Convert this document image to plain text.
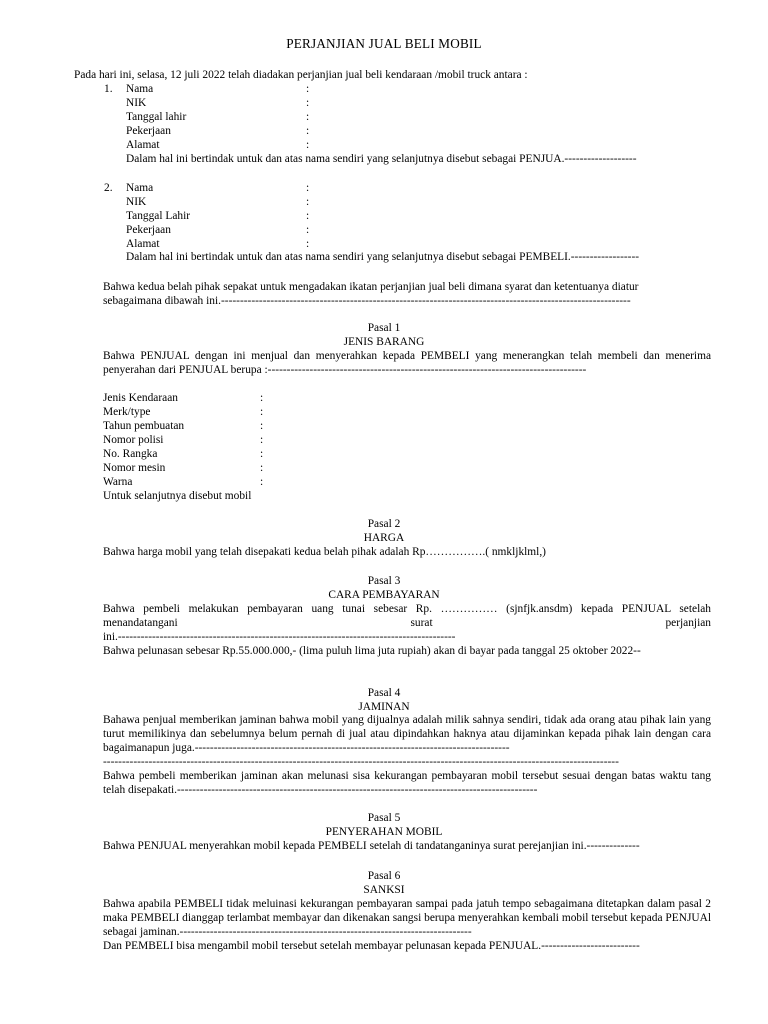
PERJANJIAN JUAL BELI MOBIL
Pada hari ini, selasa, 12 juli 2022 telah diadakan perjanjian jual beli kendaraan /mobil truck antara :
1. Nama	:
NIK	:
Tanggal lahir	:
Pekerjaan	:
Alamat	:
Dalam hal ini bertindak untuk dan atas nama sendiri yang selanjutnya disebut sebagai PENJUA.-------------------
2. Nama	:
NIK	:
Tanggal Lahir	:
Pekerjaan	:
Alamat	:
Dalam hal ini bertindak untuk dan atas nama sendiri yang selanjutnya disebut sebagai PEMBELI.------------------
Bahwa kedua belah pihak sepakat untuk mengadakan ikatan perjanjian jual beli dimana syarat dan ketentuanya diatur
sebagaimana dibawah ini.------------------------------------------------------------------------------------------------------------
Pasal 1
JENIS BARANG
Bahwa PENJUAL dengan ini menjual dan menyerahkan kepada PEMBELI yang menerangkan telah membeli dan menerima penyerahan dari PENJUAL berupa :------------------------------------------------------------------------------------
Jenis Kendaraan	:
Merk/type	:
Tahun pembuatan	:
Nomor polisi	:
No. Rangka	:
Nomor mesin	:
Warna	:
Untuk selanjutnya disebut mobil
Pasal 2
HARGA
Bahwa harga mobil yang telah disepakati kedua belah pihak adalah Rp…………….( nmkljklml,)
Pasal 3
CARA PEMBAYARAN
Bahwa pembeli melakukan pembayaran uang tunai sebesar Rp. …………… (sjnfjk.ansdm) kepada PENJUAL setelah menandatangani surat perjanjian
ini.-----------------------------------------------------------------------------------------
Bahwa pelunasan sebesar Rp.55.000.000,- (lima puluh lima juta rupiah) akan di bayar pada tanggal 25 oktober 2022--
Pasal 4
JAMINAN
Bahawa penjual memberikan jaminan bahwa mobil yang dijualnya adalah milik sahnya sendiri, tidak ada orang atau pihak lain yang turut memilikinya dan sebelumnya belum pernah di jual atau dipindahkan haknya atau dijaminkan kepada pihak lain dengan cara bagaimanapun juga.-----------------------------------------------------------------------------------
----------------------------------------------------------------------------------------------------------------------------------------
Bahwa pembeli memberikan jaminan akan melunasi sisa kekurangan pembayaran mobil tersebut sesuai dengan batas waktu tang telah disepakati.-----------------------------------------------------------------------------------------------
Pasal 5
PENYERAHAN MOBIL
Bahwa PENJUAL menyerahkan mobil kepada PEMBELI setelah di tandatanganinya surat perejanjian ini.--------------
Pasal 6
SANKSI
Bahwa apabila PEMBELI tidak meluinasi kekurangan pembayaran sampai pada jatuh tempo sebagaimana ditetapkan dalam pasal 2 maka PEMBELI dianggap terlambat membayar dan dikenakan sangsi berupa menyerahkan kembali mobil tersebut kepada PENJUAl sebagai jaminan.-----------------------------------------------------------------------------
Dan PEMBELI bisa mengambil mobil tersebut setelah membayar pelunasan kepada PENJUAL.--------------------------
